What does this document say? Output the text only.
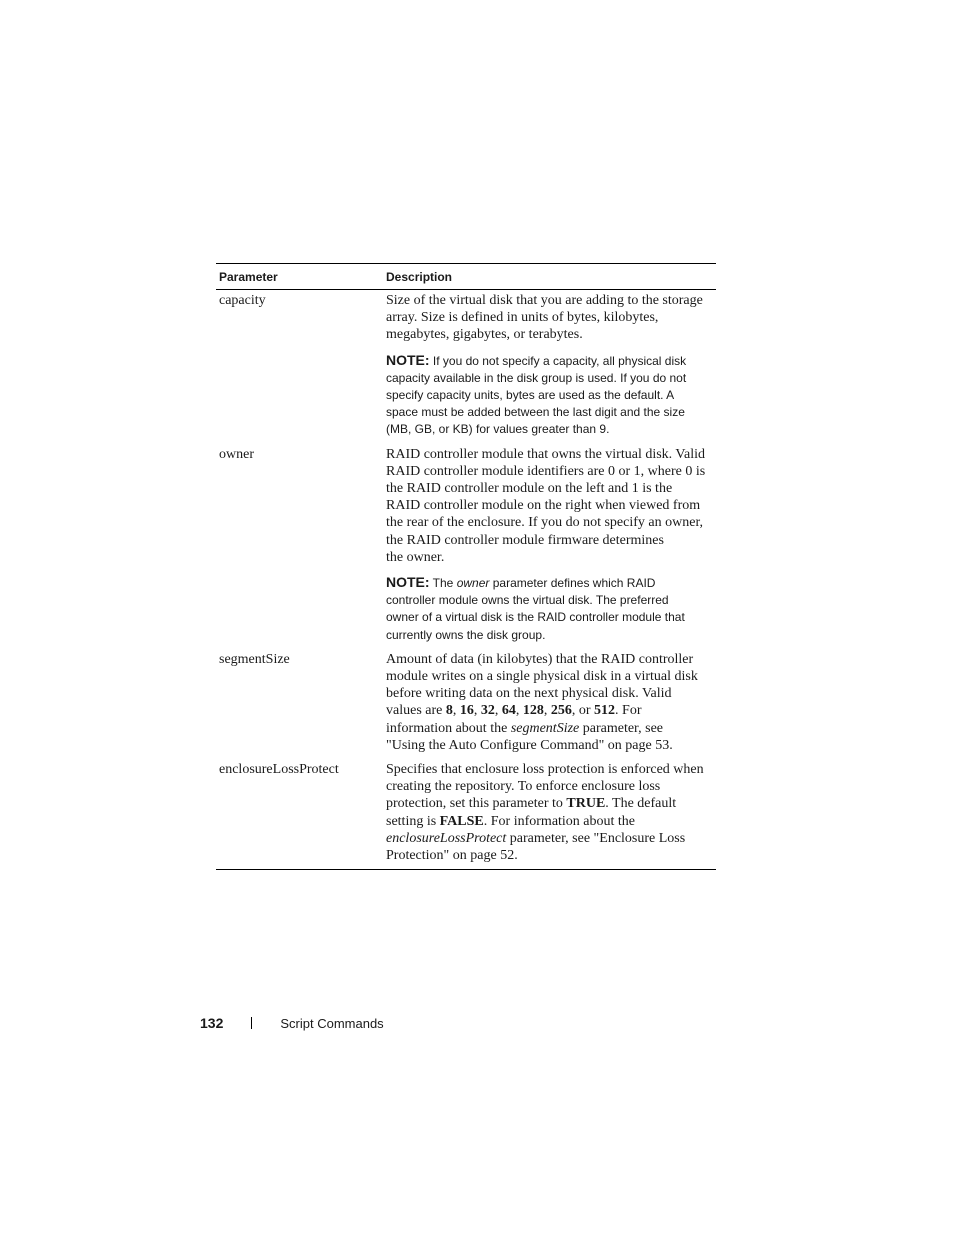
Parameter	Description
capacity	Size of the virtual disk that you are adding to the storage
array. Size is defined in units of bytes, kilobytes,
megabytes, gigabytes, or terabytes.

NOTE: If you do not specify a capacity, all physical disk
capacity available in the disk group is used. If you do not
specify capacity units, bytes are used as the default. A
space must be added between the last digit and the size
(MB, GB, or KB) for values greater than 9.

owner	RAID controller module that owns the virtual disk. Valid
RAID controller module identifiers are 0 or 1, where 0 is
the RAID controller module on the left and 1 is the
RAID controller module on the right when viewed from
the rear of the enclosure. If you do not specify an owner,
the RAID controller module firmware determines
the owner.

NOTE: The owner parameter defines which RAID
controller module owns the virtual disk. The preferred
owner of a virtual disk is the RAID controller module that
currently owns the disk group.

segmentSize	Amount of data (in kilobytes) that the RAID controller
module writes on a single physical disk in a virtual disk
before writing data on the next physical disk. Valid
values are 8, 16, 32, 64, 128, 256, or 512. For
information about the segmentSize parameter, see
"Using the Auto Configure Command" on page 53.

enclosureLossProtect	Specifies that enclosure loss protection is enforced when
creating the repository. To enforce enclosure loss
protection, set this parameter to TRUE. The default
setting is FALSE. For information about the
enclosureLossProtect parameter, see "Enclosure Loss
Protection" on page 52.

132	Script Commands
